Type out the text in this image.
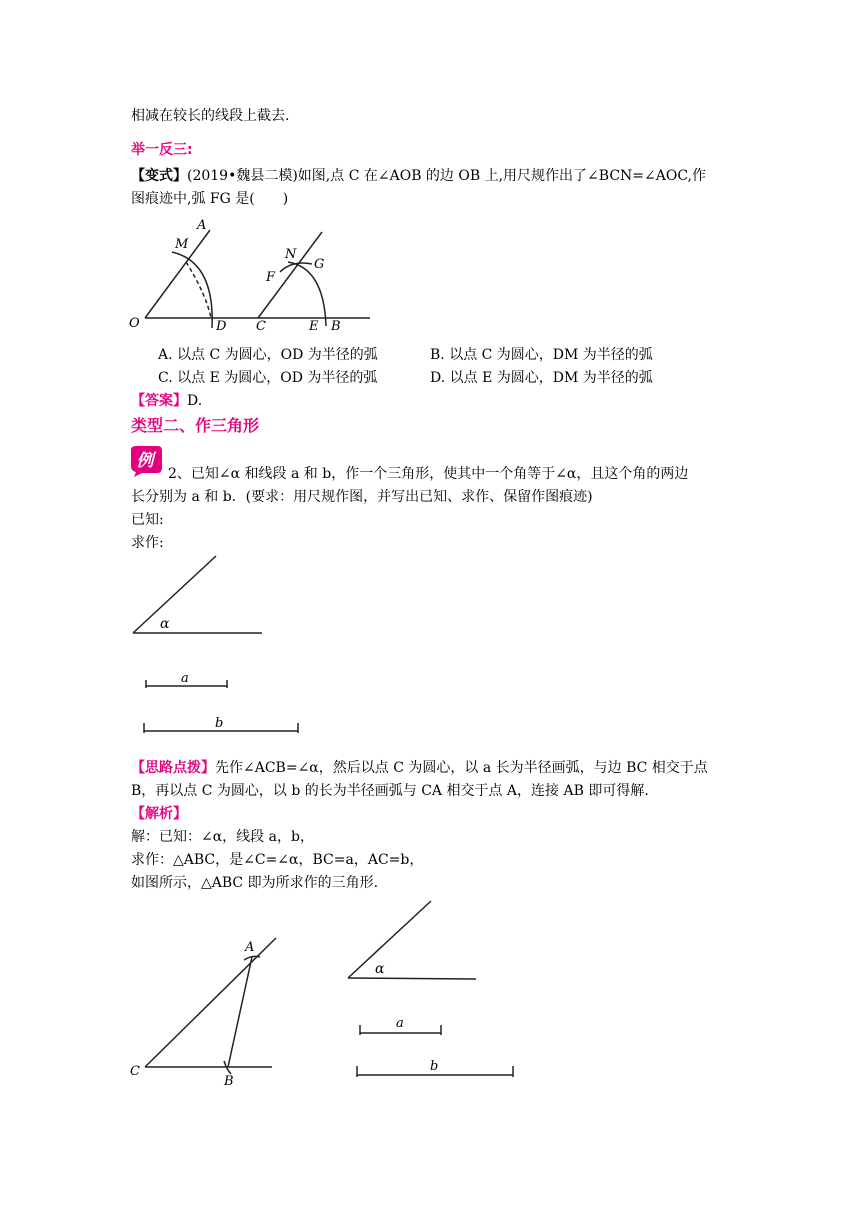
相减在较长的线段上截去.
举一反三:
【变式】(2019•魏县二模)如图,点 C 在∠AOB 的边 OB 上,用尺规作出了∠BCN=∠AOC,作
图痕迹中,弧 FG 是(　　)
A
M
N
G
F
O	D C	E B
A. 以点 C 为圆心，OD 为半径的弧	B. 以点 C 为圆心，DM 为半径的弧
C. 以点 E 为圆心，OD 为半径的弧	D. 以点 E 为圆心，DM 为半径的弧
【答案】D.
类型二、作三角形
例
2、已知∠α 和线段 a 和 b，作一个三角形，使其中一个角等于∠α，且这个角的两边
长分别为 a 和 b．(要求：用尺规作图，并写出已知、求作、保留作图痕迹)
已知:
求作:
α
a
b
【思路点拨】先作∠ACB=∠α，然后以点 C 为圆心，以 a 长为半径画弧，与边 BC 相交于点
B，再以点 C 为圆心，以 b 的长为半径画弧与 CA 相交于点 A，连接 AB 即可得解.
【解析】
解：已知：∠α，线段 a，b，
求作：△ABC，是∠C=∠α，BC=a，AC=b，
如图所示，△ABC 即为所求作的三角形.
A
C
B
α
a
b
